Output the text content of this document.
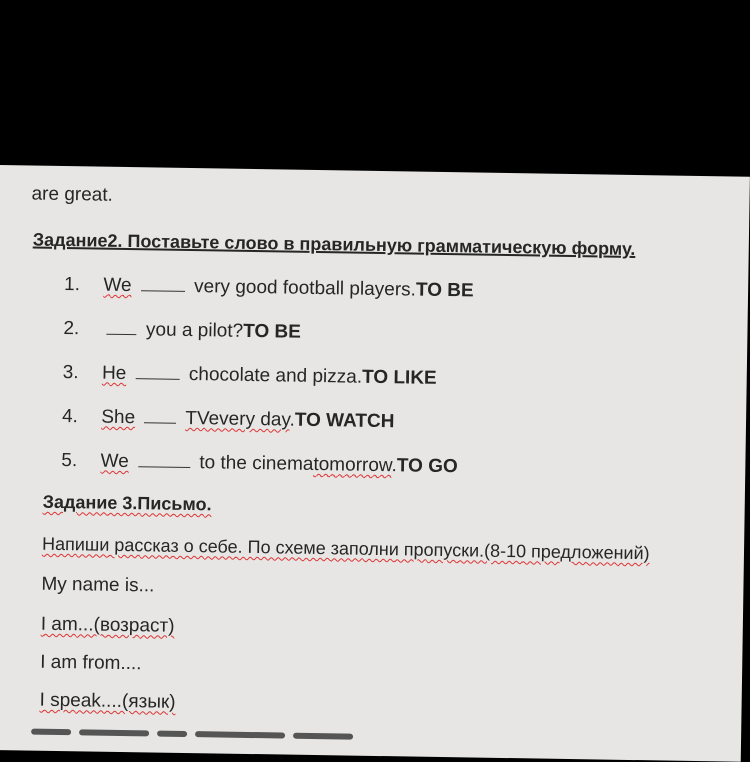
are great.
Задание2. Поставьте слово в правильную грамматическую форму.
1. We	very good football players.TO BE
2.	you a pilot?TO BE
3. He	chocolate and pizza.TO LIKE
4. She	TVevery day.TO WATCH
5. We	to the cinematomorrow.TO GO
Задание 3.Письмо.
Напиши рассказ о себе. По схеме заполни пропуски.(8-10 предложений)
My name is...
I am...(возраст)
I am from....
I speak....(язык)
